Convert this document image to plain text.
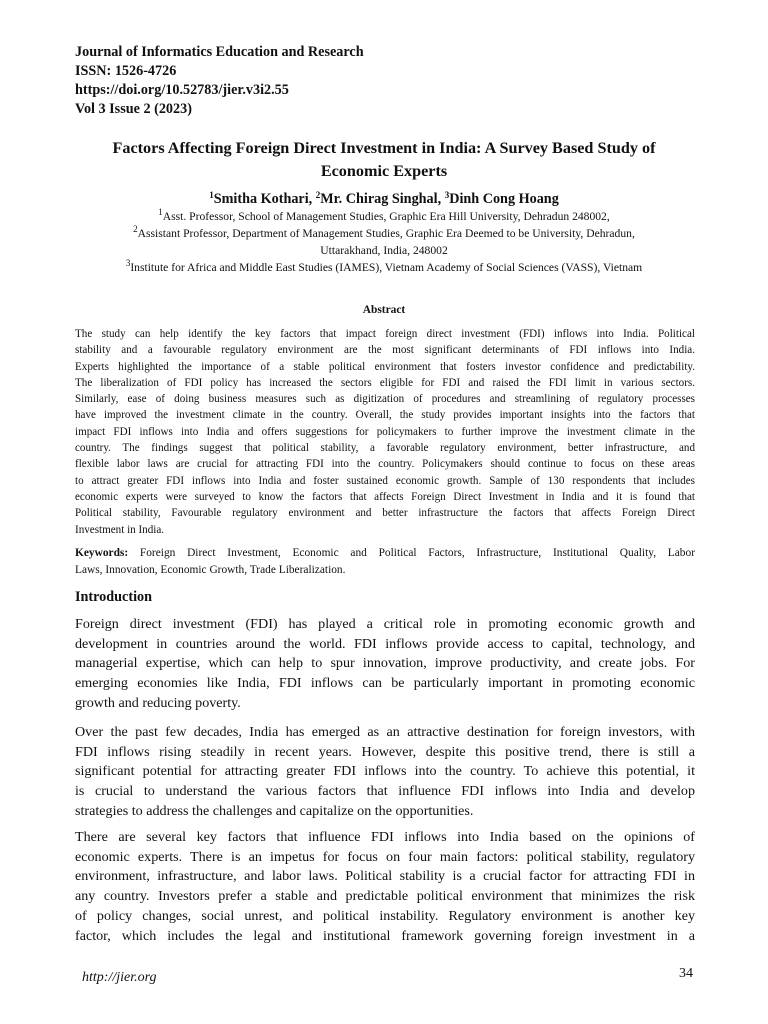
Journal of Informatics Education and Research
ISSN: 1526-4726
https://doi.org/10.52783/jier.v3i2.55
Vol 3 Issue 2 (2023)
Factors Affecting Foreign Direct Investment in India: A Survey Based Study of
Economic Experts
$^1$Smitha Kothari, $^2$Mr. Chirag Singhal, $^3$Dinh Cong Hoang
$^1$Asst. Professor, School of Management Studies, Graphic Era Hill University, Dehradun 248002,
$^2$Assistant Professor, Department of Management Studies, Graphic Era Deemed to be University, Dehradun,
Uttarakhand, India, 248002
$^3$Institute for Africa and Middle East Studies (IAMES), Vietnam Academy of Social Sciences (VASS), Vietnam
Abstract
The study can help identify the key factors that impact foreign direct investment (FDI) inflows into India. Political
stability and a favourable regulatory environment are the most significant determinants of FDI inflows into India.
Experts highlighted the importance of a stable political environment that fosters investor confidence and predictability.
The liberalization of FDI policy has increased the sectors eligible for FDI and raised the FDI limit in various sectors.
Similarly, ease of doing business measures such as digitization of procedures and streamlining of regulatory processes
have improved the investment climate in the country. Overall, the study provides important insights into the factors that
impact FDI inflows into India and offers suggestions for policymakers to further improve the investment climate in the
country. The findings suggest that political stability, a favorable regulatory environment, better infrastructure, and
flexible labor laws are crucial for attracting FDI into the country. Policymakers should continue to focus on these areas
to attract greater FDI inflows into India and foster sustained economic growth. Sample of 130 respondents that includes
economic experts were surveyed to know the factors that affects Foreign Direct Investment in India and it is found that
Political stability, Favourable regulatory environment and better infrastructure the factors that affects Foreign Direct
Investment in India.
Keywords: Foreign Direct Investment, Economic and Political Factors, Infrastructure, Institutional Quality, Labor
Laws, Innovation, Economic Growth, Trade Liberalization.
Introduction
Foreign direct investment (FDI) has played a critical role in promoting economic growth and
development in countries around the world. FDI inflows provide access to capital, technology, and
managerial expertise, which can help to spur innovation, improve productivity, and create jobs. For
emerging economies like India, FDI inflows can be particularly important in promoting economic
growth and reducing poverty.
Over the past few decades, India has emerged as an attractive destination for foreign investors, with
FDI inflows rising steadily in recent years. However, despite this positive trend, there is still a
significant potential for attracting greater FDI inflows into the country. To achieve this potential, it
is crucial to understand the various factors that influence FDI inflows into India and develop
strategies to address the challenges and capitalize on the opportunities.
There are several key factors that influence FDI inflows into India based on the opinions of
economic experts. There is an impetus for focus on four main factors: political stability, regulatory
environment, infrastructure, and labor laws. Political stability is a crucial factor for attracting FDI in
any country. Investors prefer a stable and predictable political environment that minimizes the risk
of policy changes, social unrest, and political instability. Regulatory environment is another key
factor, which includes the legal and institutional framework governing foreign investment in a
http://jier.org	34
